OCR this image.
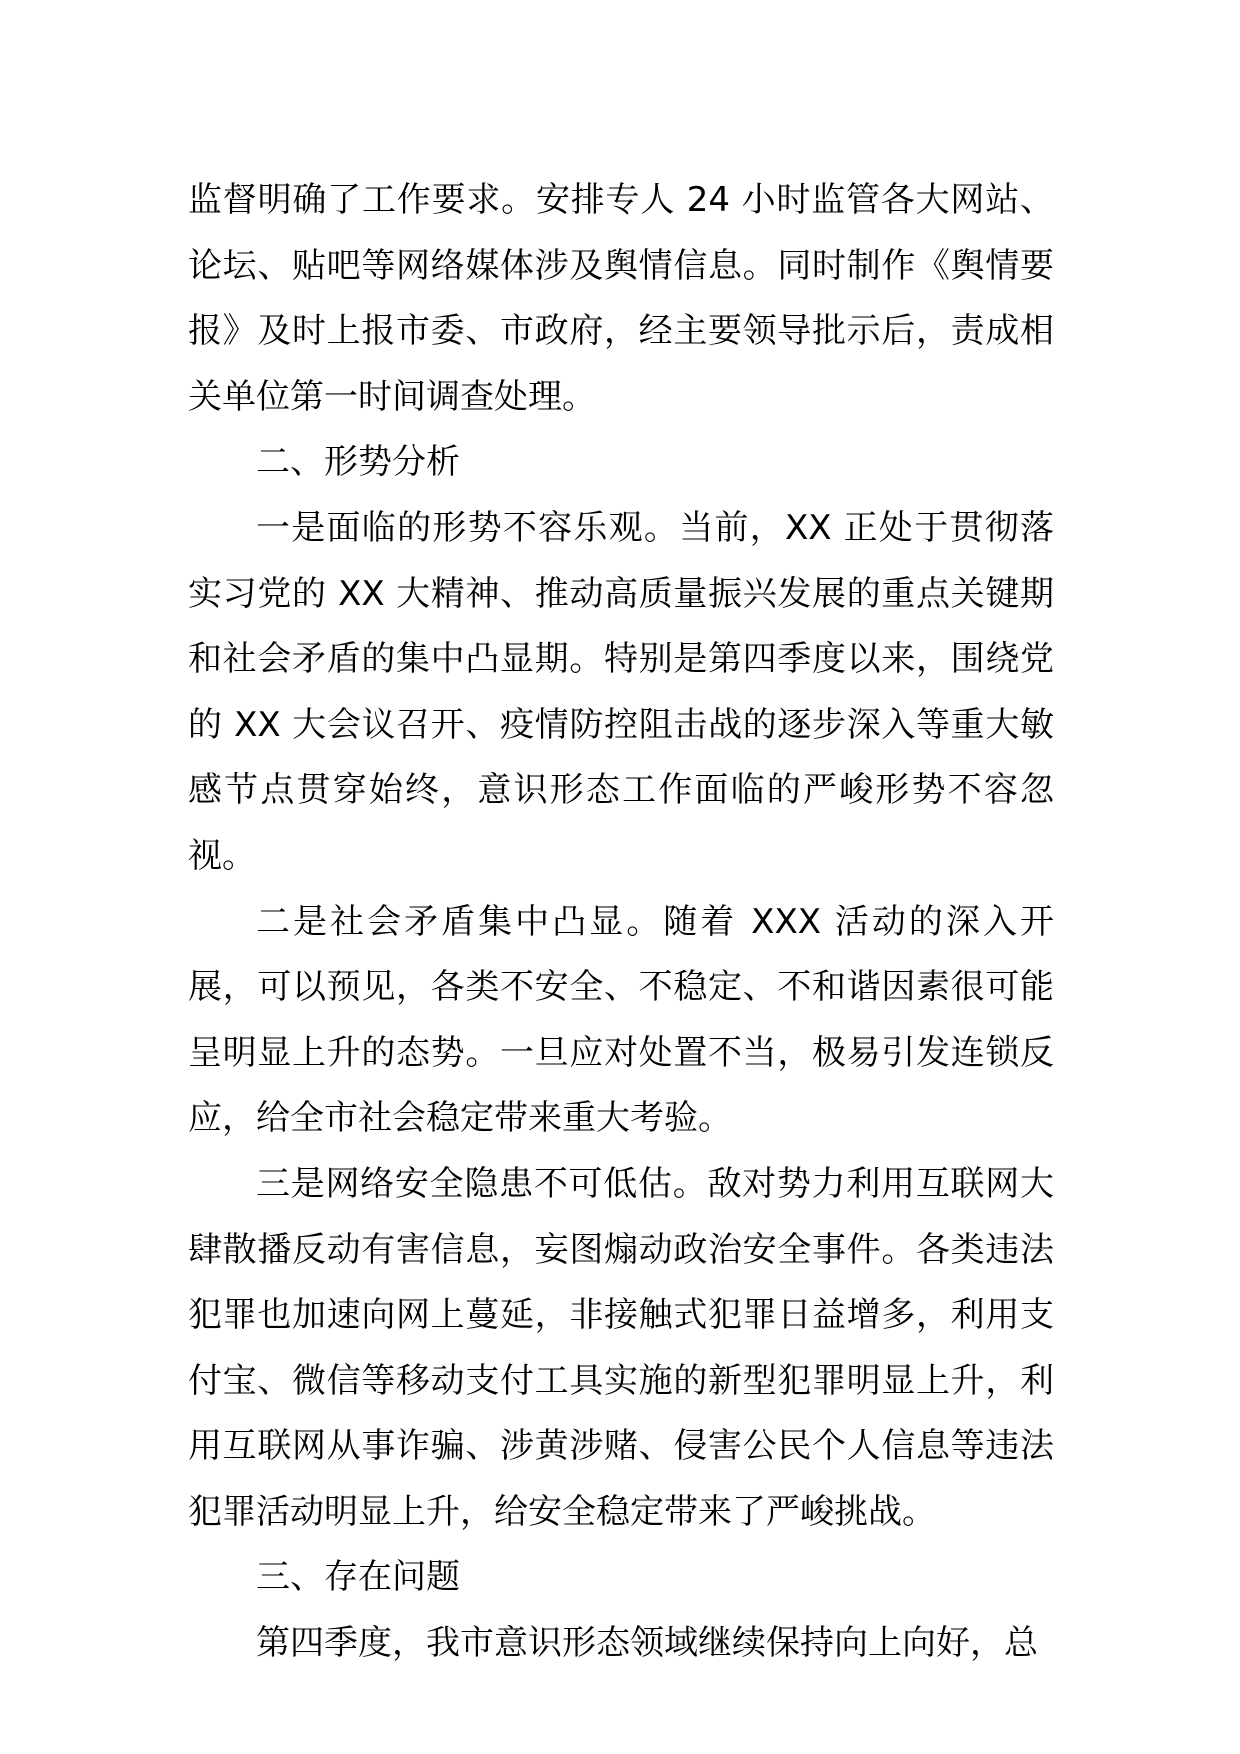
监督明确了工作要求。安排专人 24 小时监管各大网站、论坛、贴吧等网络媒体涉及舆情信息。同时制作《舆情要报》及时上报市委、市政府，经主要领导批示后，责成相关单位第一时间调查处理。

二、形势分析

一是面临的形势不容乐观。当前，XX 正处于贯彻落实习党的 XX 大精神、推动高质量振兴发展的重点关键期和社会矛盾的集中凸显期。特别是第四季度以来，围绕党的 XX 大会议召开、疫情防控阻击战的逐步深入等重大敏感节点贯穿始终，意识形态工作面临的严峻形势不容忽视。

二是社会矛盾集中凸显。随着 XXX 活动的深入开展，可以预见，各类不安全、不稳定、不和谐因素很可能呈明显上升的态势。一旦应对处置不当，极易引发连锁反应，给全市社会稳定带来重大考验。

三是网络安全隐患不可低估。敌对势力利用互联网大肆散播反动有害信息，妄图煽动政治安全事件。各类违法犯罪也加速向网上蔓延，非接触式犯罪日益增多，利用支付宝、微信等移动支付工具实施的新型犯罪明显上升，利用互联网从事诈骗、涉黄涉赌、侵害公民个人信息等违法犯罪活动明显上升，给安全稳定带来了严峻挑战。

三、存在问题

第四季度，我市意识形态领域继续保持向上向好，总
